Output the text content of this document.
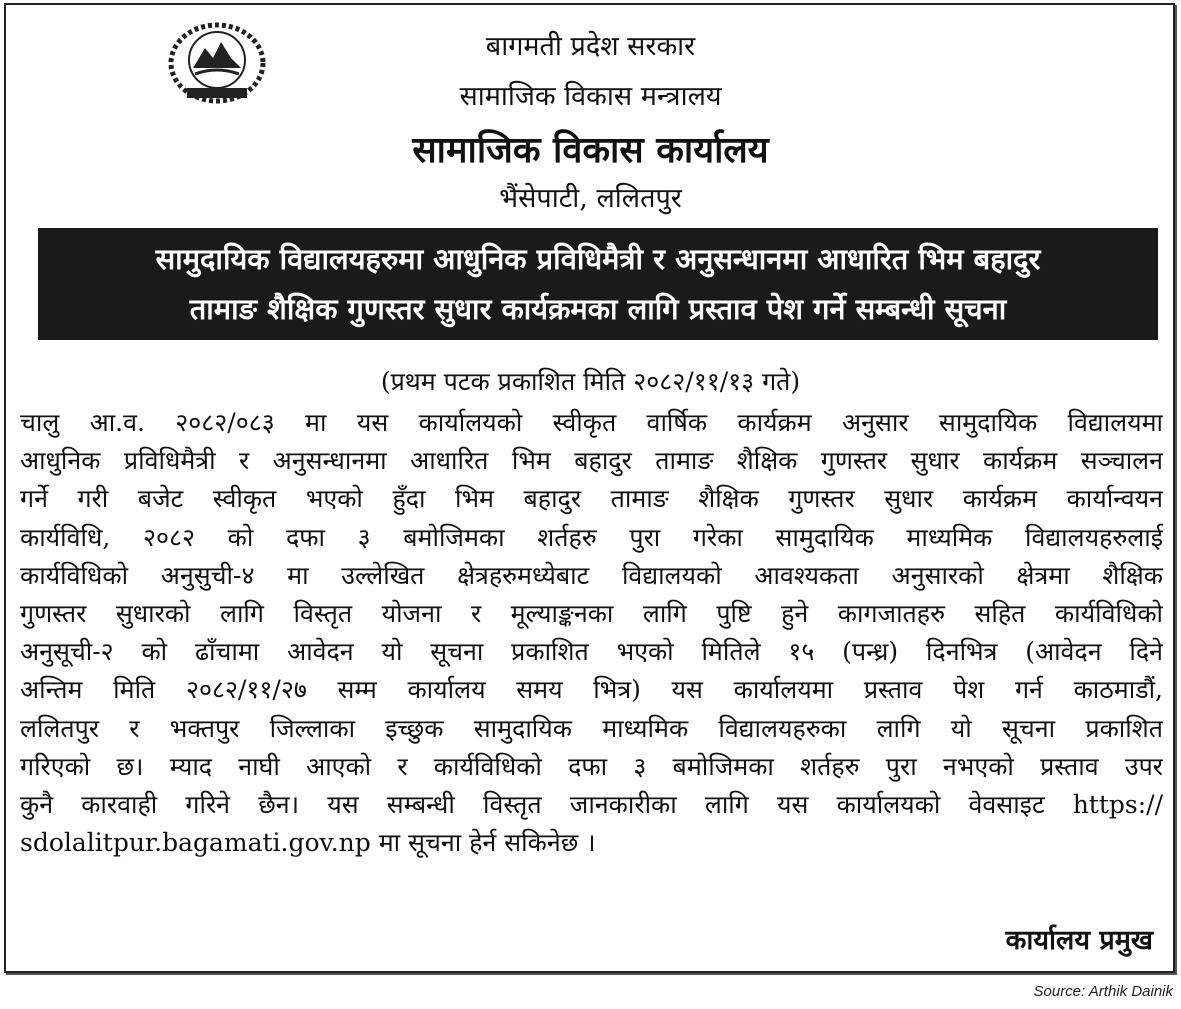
बागमती प्रदेश सरकार
सामाजिक विकास मन्त्रालय
सामाजिक विकास कार्यालय
भैंसेपाटी, ललितपुर
सामुदायिक विद्यालयहरुमा आधुनिक प्रविधिमैत्री र अनुसन्धानमा आधारित भिम बहादुर
तामाङ शैक्षिक गुणस्तर सुधार कार्यक्रमका लागि प्रस्ताव पेश गर्ने सम्बन्धी सूचना
(प्रथम पटक प्रकाशित मिति २०८२/११/१३ गते)
चालु आ.व. २०८२/०८३ मा यस कार्यालयको स्वीकृत वार्षिक कार्यक्रम अनुसार सामुदायिक विद्यालयमा
आधुनिक प्रविधिमैत्री र अनुसन्धानमा आधारित भिम बहादुर तामाङ शैक्षिक गुणस्तर सुधार कार्यक्रम सञ्चालन
गर्ने गरी बजेट स्वीकृत भएको हुँदा भिम बहादुर तामाङ शैक्षिक गुणस्तर सुधार कार्यक्रम कार्यान्वयन
कार्यविधि, २०८२ को दफा ३ बमोजिमका शर्तहरु पुरा गरेका सामुदायिक माध्यमिक विद्यालयहरुलाई
कार्यविधिको अनुसुची-४ मा उल्लेखित क्षेत्रहरुमध्येबाट विद्यालयको आवश्यकता अनुसारको क्षेत्रमा शैक्षिक
गुणस्तर सुधारको लागि विस्तृत योजना र मूल्याङ्कनका लागि पुष्टि हुने कागजातहरु सहित कार्यविधिको
अनुसूची-२ को ढाँचामा आवेदन यो सूचना प्रकाशित भएको मितिले १५ (पन्ध्र) दिनभित्र (आवेदन दिने
अन्तिम मिति २०८२/११/२७ सम्म कार्यालय समय भित्र) यस कार्यालयमा प्रस्ताव पेश गर्न काठमाडौं,
ललितपुर र भक्तपुर जिल्लाका इच्छुक सामुदायिक माध्यमिक विद्यालयहरुका लागि यो सूचना प्रकाशित
गरिएको छ। म्याद नाघी आएको र कार्यविधिको दफा ३ बमोजिमका शर्तहरु पुरा नभएको प्रस्ताव उपर
कुनै कारवाही गरिने छैन। यस सम्बन्धी विस्तृत जानकारीका लागि यस कार्यालयको वेवसाइट https://
sdolalitpur.bagamati.gov.np मा सूचना हेर्न सकिनेछ ।
कार्यालय प्रमुख
Source: Arthik Dainik
